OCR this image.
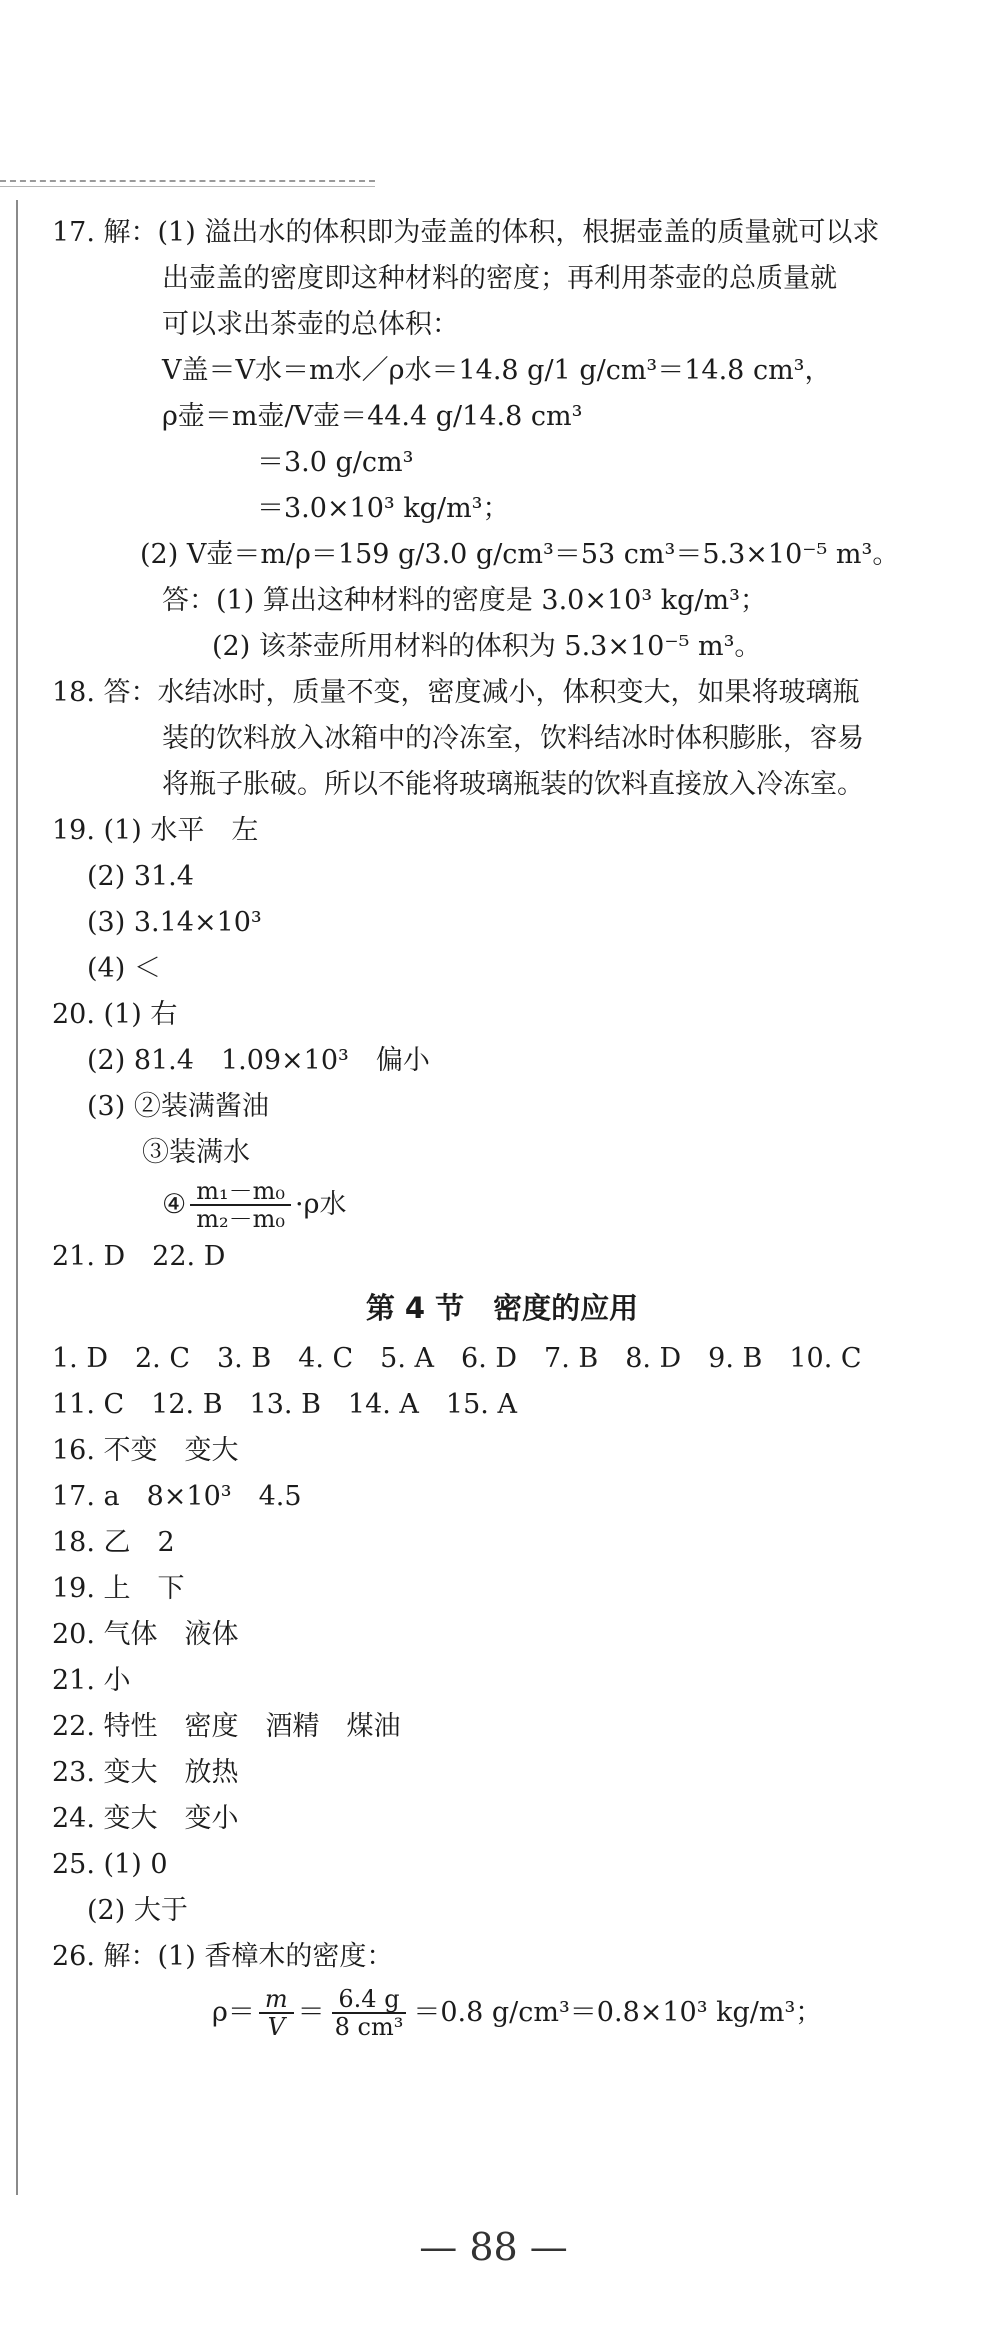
17. 解：(1) 溢出水的体积即为壶盖的体积，根据壶盖的质量就可以求
出壶盖的密度即这种材料的密度；再利用茶壶的总质量就
可以求出茶壶的总体积：
V盖＝V水＝m水／ρ水＝14.8 g/1 g/cm³＝14.8 cm³，
ρ壶＝m壶/V壶＝44.4 g/14.8 cm³
＝3.0 g/cm³
＝3.0×10³ kg/m³；
(2) V壶＝m/ρ＝159 g/3.0 g/cm³＝53 cm³＝5.3×10⁻⁵ m³。
答：(1) 算出这种材料的密度是 3.0×10³ kg/m³；
(2) 该茶壶所用材料的体积为 5.3×10⁻⁵ m³。
18. 答：水结冰时，质量不变，密度减小，体积变大，如果将玻璃瓶
装的饮料放入冰箱中的冷冻室，饮料结冰时体积膨胀，容易
将瓶子胀破。所以不能将玻璃瓶装的饮料直接放入冷冻室。
19. (1) 水平　左
(2) 31.4
(3) 3.14×10³
(4) ＜
20. (1) 右
(2) 81.4　1.09×10³　偏小
(3) ②装满酱油
③装满水
④ $\frac{\text{m₁－m₀}}{\text{m₂－m₀}} \cdot\rho$水
21. D　22. D
第 4 节　密度的应用
1. D　2. C　3. B　4. C　5. A　6. D　7. B　8. D　9. B　10. C
11. C　12. B　13. B　14. A　15. A
16. 不变　变大
17. a　8×10³　4.5
18. 乙　2
19. 上　下
20. 气体　液体
21. 小
22. 特性　密度　酒精　煤油
23. 变大　放热
24. 变大　变小
25. (1) 0
(2) 大于
26. 解：(1) 香樟木的密度：
$\rho= \frac{m}{V} = \frac{6.4 g}{\text{8 cm³}} =0.8$ g/cm³＝0.8×10³ kg/m³；
— 88 —
